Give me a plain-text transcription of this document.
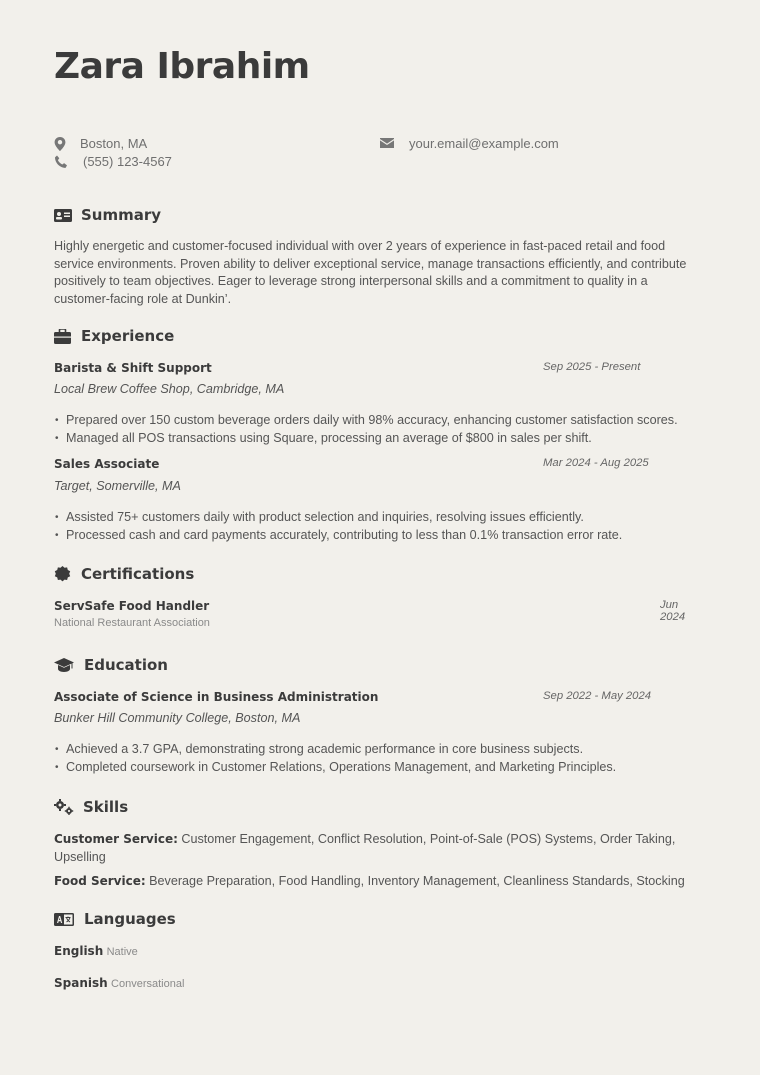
Zara Ibrahim
Boston, MA
(555) 123-4567
your.email@example.com
Summary
Highly energetic and customer-focused individual with over 2 years of experience in fast-paced retail and food service environments. Proven ability to deliver exceptional service, manage transactions efficiently, and contribute positively to team objectives. Eager to leverage strong interpersonal skills and a commitment to quality in a customer-facing role at Dunkin’.
Experience
Barista & Shift Support	Sep 2025 - Present
Local Brew Coffee Shop, Cambridge, MA
• Prepared over 150 custom beverage orders daily with 98% accuracy, enhancing customer satisfaction scores.
• Managed all POS transactions using Square, processing an average of $800 in sales per shift.
Sales Associate	Mar 2024 - Aug 2025
Target, Somerville, MA
• Assisted 75+ customers daily with product selection and inquiries, resolving issues efficiently.
• Processed cash and card payments accurately, contributing to less than 0.1% transaction error rate.
Certifications
ServSafe Food Handler	Jun 2024
National Restaurant Association
Education
Associate of Science in Business Administration	Sep 2022 - May 2024
Bunker Hill Community College, Boston, MA
• Achieved a 3.7 GPA, demonstrating strong academic performance in core business subjects.
• Completed coursework in Customer Relations, Operations Management, and Marketing Principles.
Skills
Customer Service: Customer Engagement, Conflict Resolution, Point-of-Sale (POS) Systems, Order Taking, Upselling
Food Service: Beverage Preparation, Food Handling, Inventory Management, Cleanliness Standards, Stocking
Languages
English Native
Spanish Conversational
